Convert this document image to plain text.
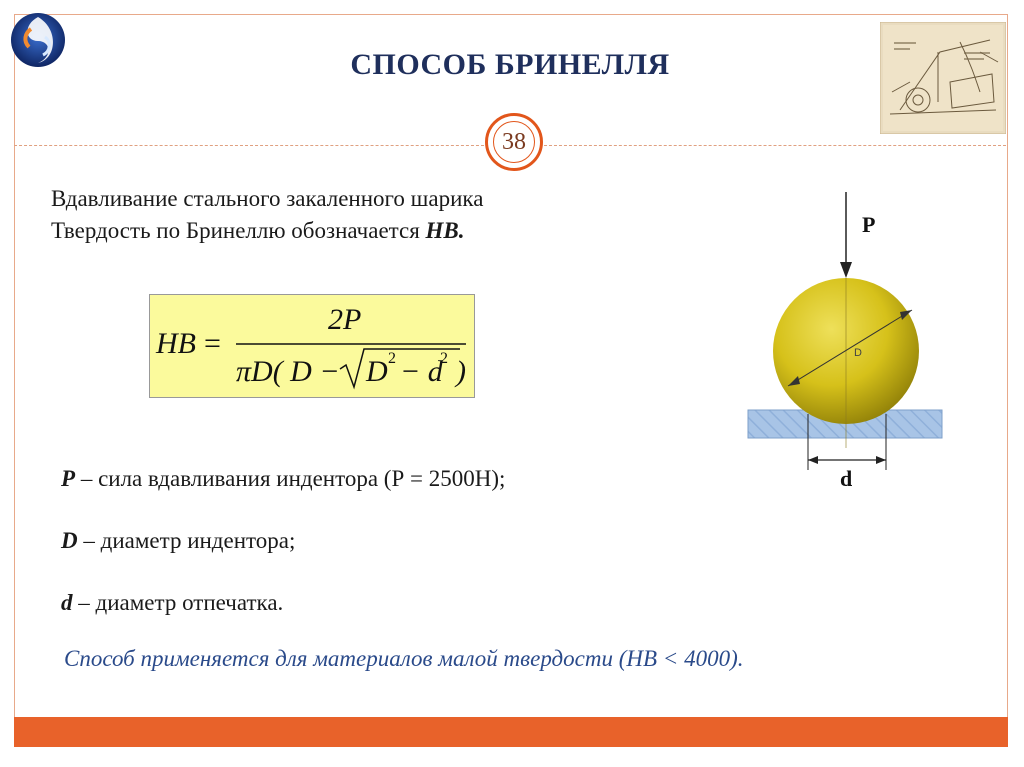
СПОСОБ БРИНЕЛЛЯ
38
Вдавливание стального закаленного шарика
Твердость по Бринеллю обозначается НВ.
HB =
2P
πD( D − D 2 − d
2 )
P – сила вдавливания индентора (Р = 2500Н);
D – диаметр индентора;
d – диаметр отпечатка.
Способ применяется для материалов малой твердости (НВ < 4000).
P
D
d
